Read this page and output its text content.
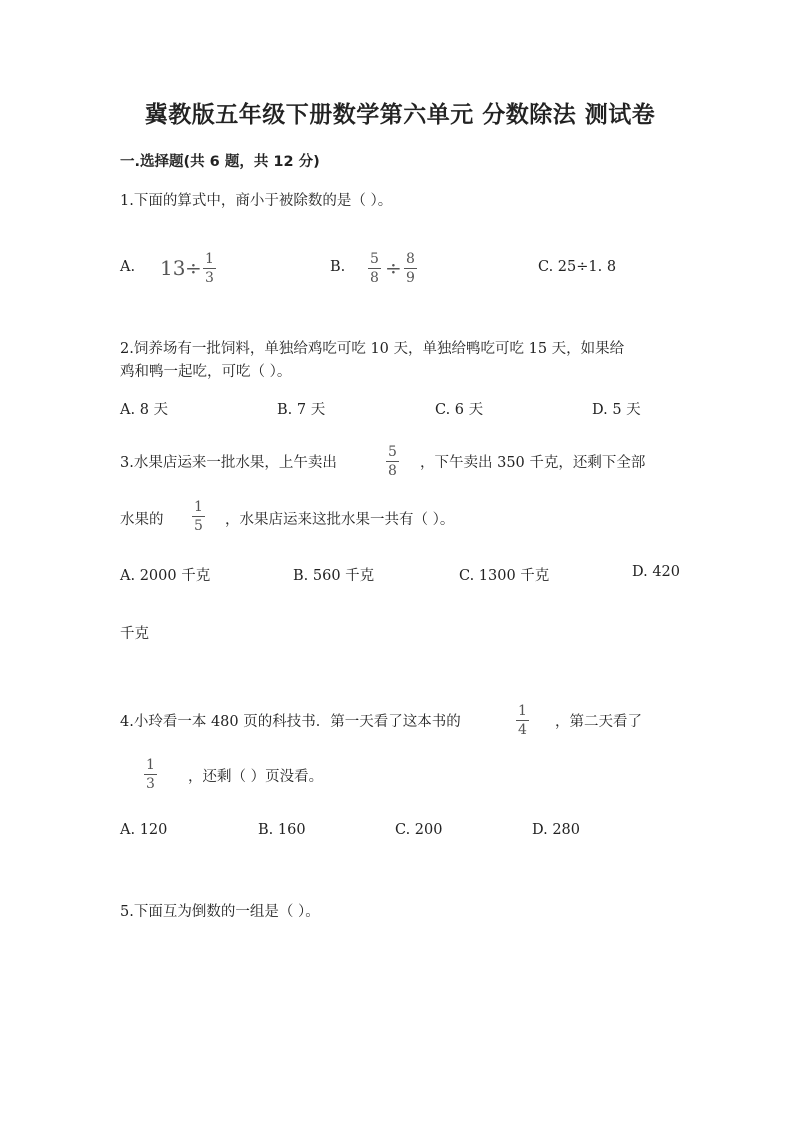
冀教版五年级下册数学第六单元 分数除法 测试卷
一.选择题(共 6 题，共 12 分)
1.下面的算式中，商小于被除数的是（ ）。
A. 13 ÷ 1
3
B. 5
8 ÷ 8
9
C. 25÷1. 8
2.饲养场有一批饲料，单独给鸡吃可吃 10 天，单独给鸭吃可吃 15 天，如果给
鸡和鸭一起吃，可吃（ ）。
A. 8 天	B. 7 天	C. 6 天	D. 5 天
3.水果店运来一批水果，上午卖出
5
8 ，下午卖出 350 千克，还剩下全部
水果的
1
5 ，水果店运来这批水果一共有（ ）。
A. 2000 千克	B. 560 千克	C. 1300 千克	D. 420
千克
4.小玲看一本 480 页的科技书．第一天看了这本书的
1
4 ，第二天看了
1
3 ，还剩（ ）页没看。
A. 120	B. 160	C. 200	D. 280
5.下面互为倒数的一组是（ ）。
